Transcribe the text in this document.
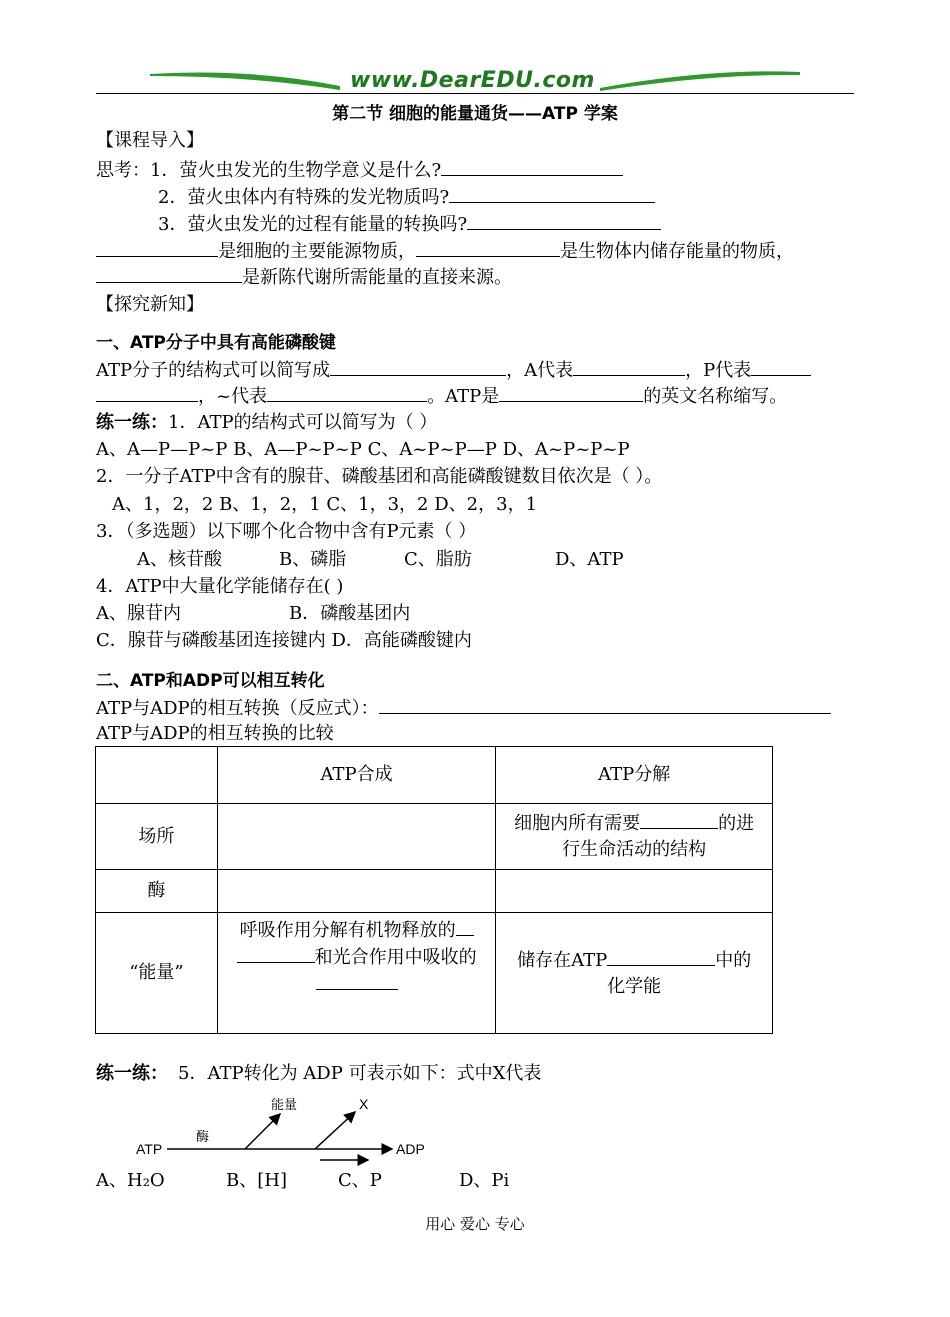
www.DearEDU.com
第二节 细胞的能量通货——ATP 学案
【课程导入】
思考：1．萤火虫发光的生物学意义是什么?
2．萤火虫体内有特殊的发光物质吗?
3．萤火虫发光的过程有能量的转换吗?
是细胞的主要能源物质，	是生物体内储存能量的物质，
是新陈代谢所需能量的直接来源。
【探究新知】
一、ATP分子中具有高能磷酸键
ATP分子的结构式可以简写成	，A代表	，P代表
，~代表	。ATP是	的英文名称缩写。
练一练：1．ATP的结构式可以简写为（ ）
A、A—P—P~P B、A—P~P~P C、A~P~P—P D、A~P~P~P
2．一分子ATP中含有的腺苷、磷酸基团和高能磷酸键数目依次是（ ）。
A、1，2，2 B、1，2，1 C、1，3，2 D、2，3，1
3．（多选题）以下哪个化合物中含有P元素（ ）
A、核苷酸	B、磷脂	C、脂肪	D、ATP
4．ATP中大量化学能储存在( )
A、腺苷内	B．磷酸基团内
C．腺苷与磷酸基团连接键内 D．高能磷酸键内
二、ATP和ADP可以相互转化
ATP与ADP的相互转换（反应式）：
ATP与ADP的相互转换的比较
	ATP合成	ATP分解
场所		细胞内所有需要 的进
行生命活动的结构
酶		
“能量”	呼吸作用分解有机物释放的
和光合作用中吸收的	储存在ATP 中的
化学能
练一练： 5．ATP转化为 ADP 可表示如下：式中X代表
ATP
酶
能量	X
ADP
A、H₂O	B、[H]	C、P	D、Pi
用心 爱心 专心
